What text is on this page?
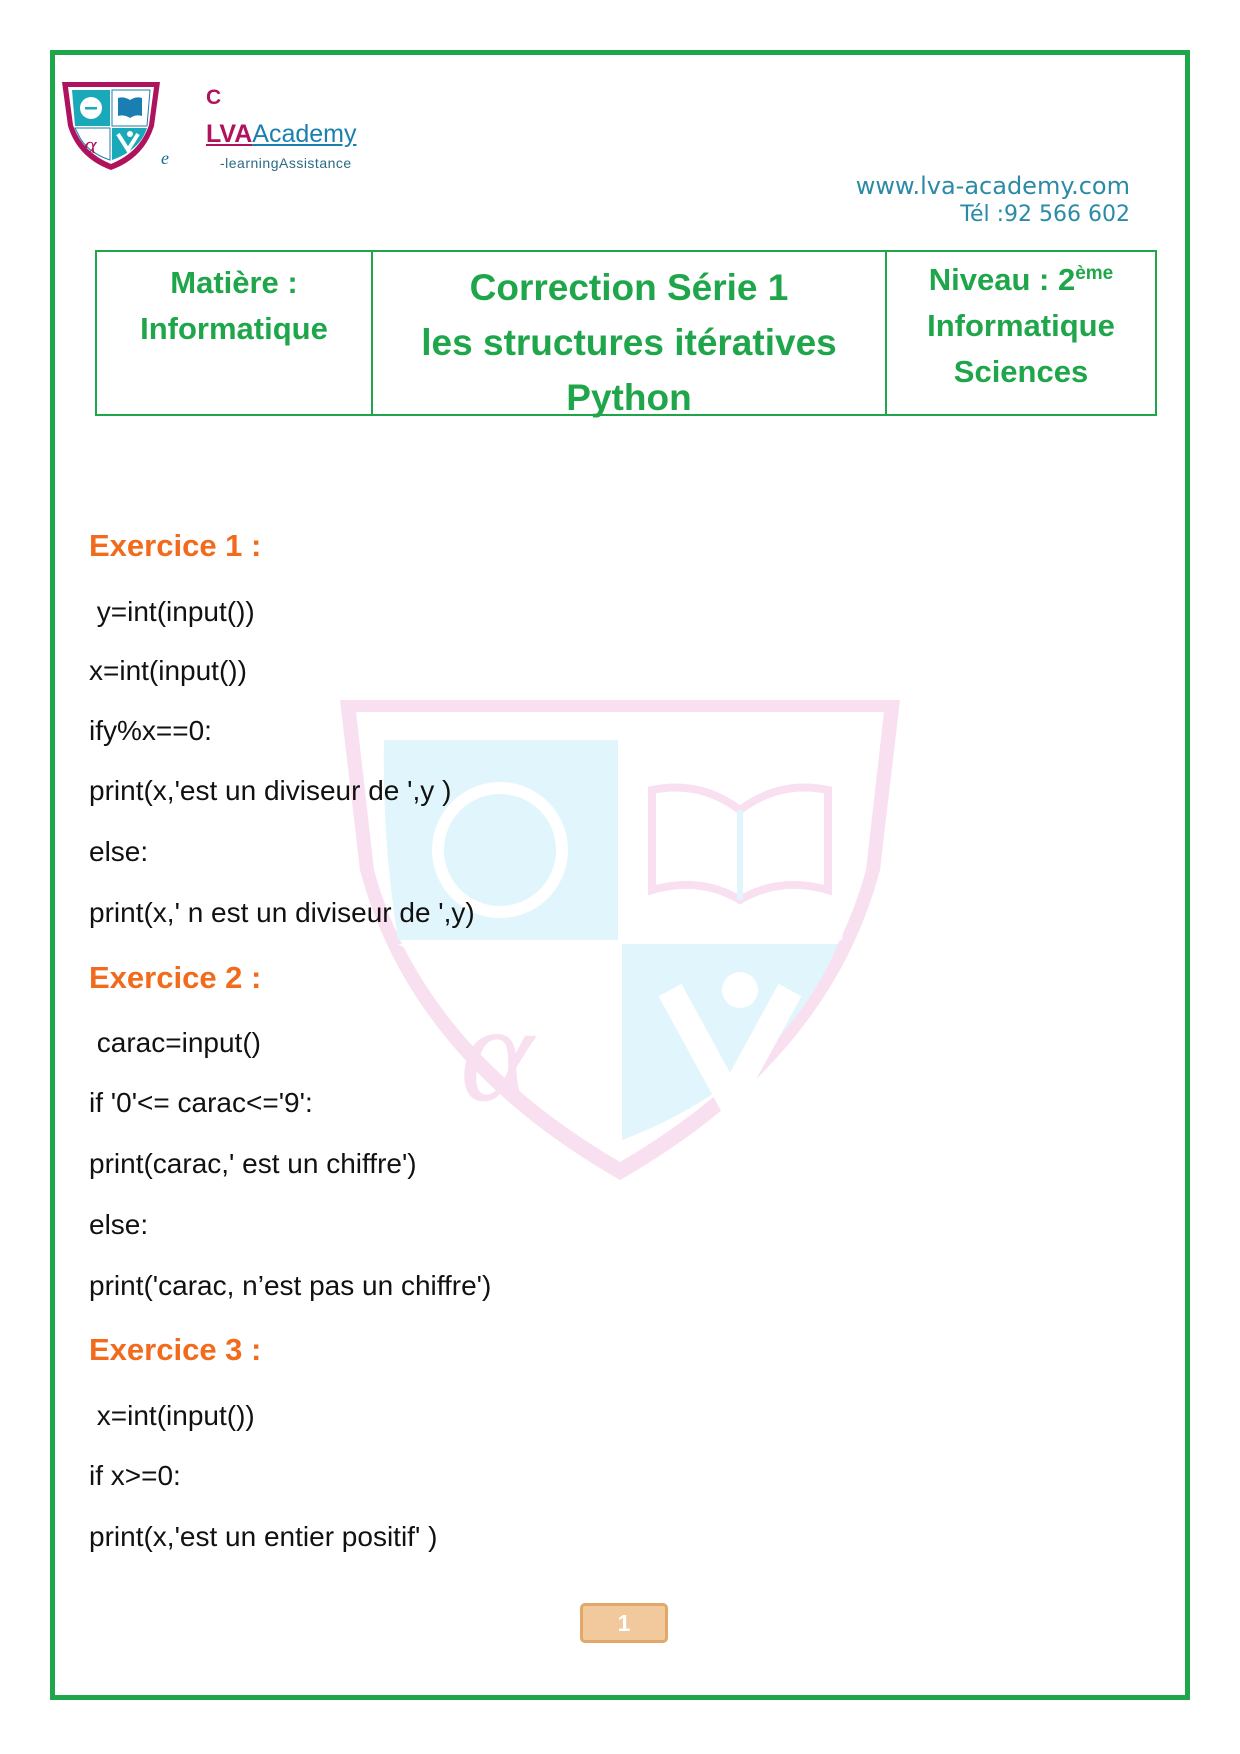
α
C
LVAAcademy
e	-learningAssistance
www.lva-academy.com
Tél :92 566 602
Matière :
Informatique
Correction Série 1
les structures itératives
Python
Niveau : 2ème
Informatique
Sciences
α
Exercice 1 :
y=int(input())
x=int(input())
ify%x==0:
print(x,'est un diviseur de ',y )
else:
print(x,' n est un diviseur de ',y)
Exercice 2 :
carac=input()
if '0'<= carac<='9':
print(carac,' est un chiffre')
else:
print('carac, n’est pas un chiffre')
Exercice 3 :
x=int(input())
if x>=0:
print(x,'est un entier positif' )
1
